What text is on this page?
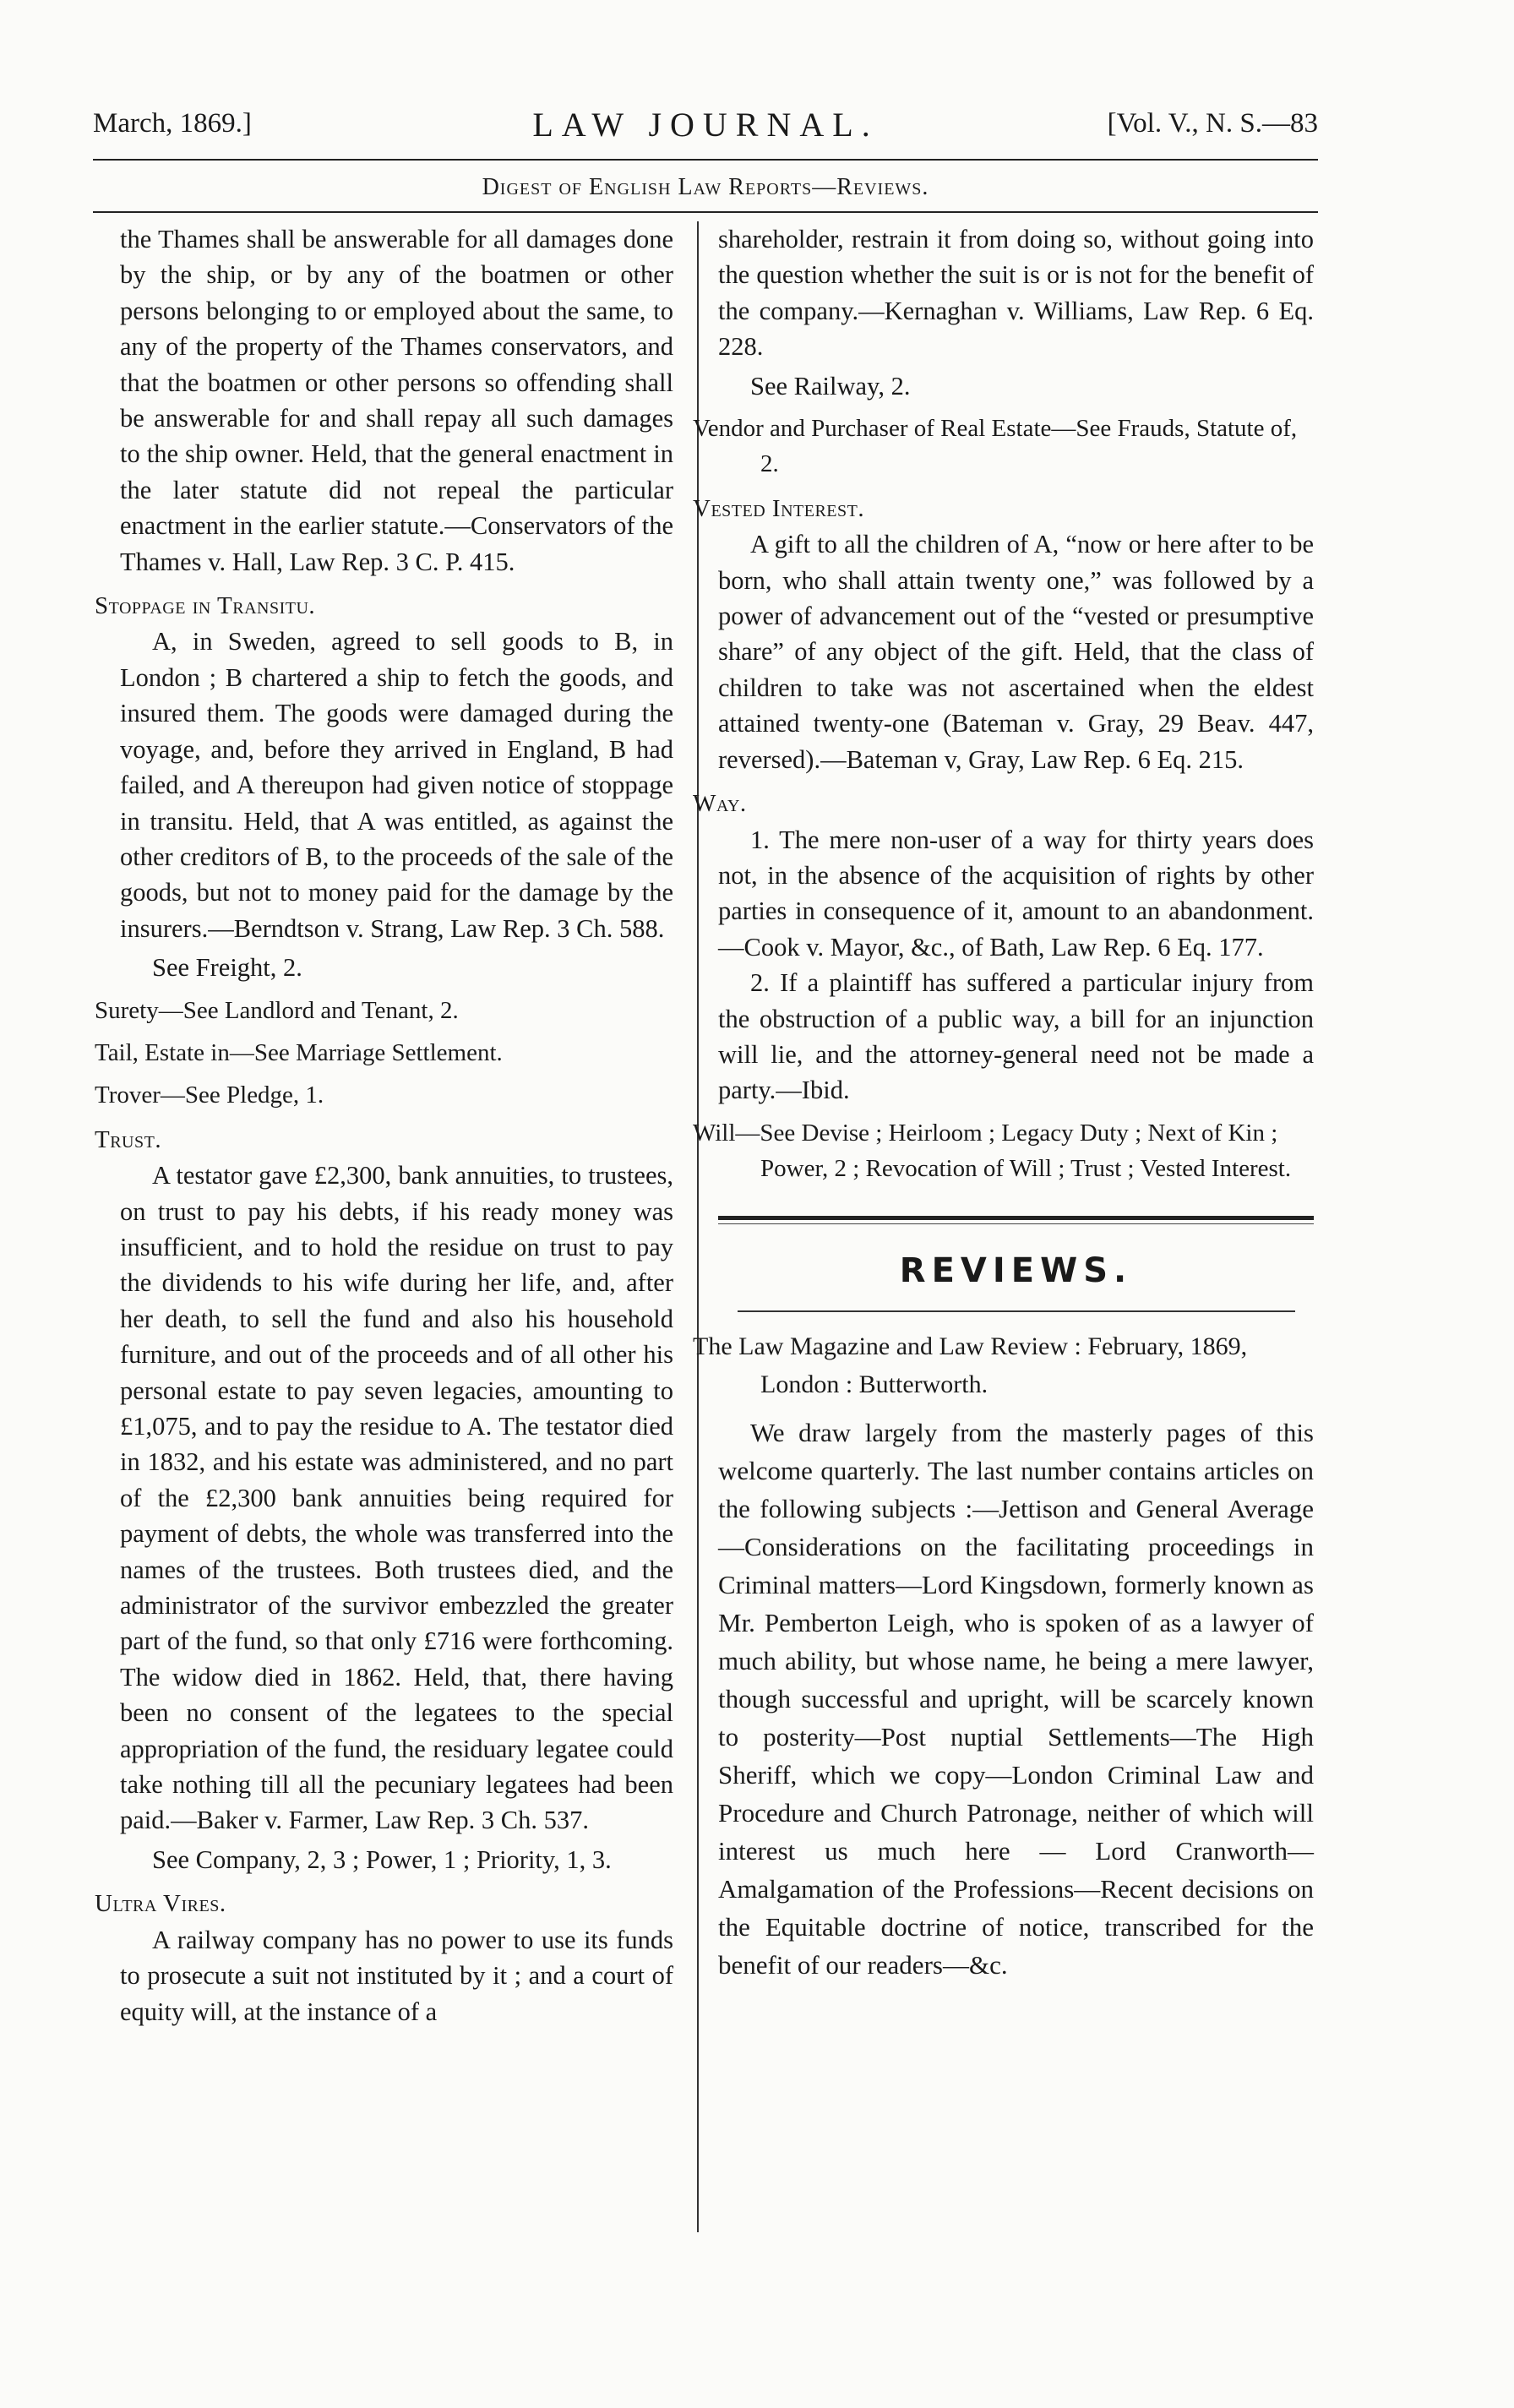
March, 1869.]	LAW JOURNAL.	[Vol. V., N. S.—83
Digest of English Law Reports—Reviews.

the Thames shall be answerable for all damages done by the ship, or by any of the boatmen or other persons belonging to or employed about the same, to any of the property of the Thames conservators, and that the boatmen or other persons so offending shall be answerable for and shall repay all such damages to the ship owner. Held, that the general enactment in the later statute did not repeal the particular enactment in the earlier statute.—Conservators of the Thames v. Hall, Law Rep. 3 C. P. 415.

Stoppage in Transitu.

A, in Sweden, agreed to sell goods to B, in London ; B chartered a ship to fetch the goods, and insured them. The goods were damaged during the voyage, and, before they arrived in England, B had failed, and A thereupon had given notice of stoppage in transitu. Held, that A was entitled, as against the other creditors of B, to the proceeds of the sale of the goods, but not to money paid for the damage by the insurers.—Berndtson v. Strang, Law Rep. 3 Ch. 588.

See Freight, 2.

Surety—See Landlord and Tenant, 2.

Tail, Estate in—See Marriage Settlement.

Trover—See Pledge, 1.

Trust.

A testator gave £2,300, bank annuities, to trustees, on trust to pay his debts, if his ready money was insufficient, and to hold the residue on trust to pay the dividends to his wife during her life, and, after her death, to sell the fund and also his household furniture, and out of the proceeds and of all other his personal estate to pay seven legacies, amounting to £1,075, and to pay the residue to A. The testator died in 1832, and his estate was administered, and no part of the £2,300 bank annuities being required for payment of debts, the whole was transferred into the names of the trustees. Both trustees died, and the administrator of the survivor embezzled the greater part of the fund, so that only £716 were forthcoming. The widow died in 1862. Held, that, there having been no consent of the legatees to the special appropriation of the fund, the residuary legatee could take nothing till all the pecuniary legatees had been paid.—Baker v. Farmer, Law Rep. 3 Ch. 537.

See Company, 2, 3 ; Power, 1 ; Priority, 1, 3.

Ultra Vires.

A railway company has no power to use its funds to prosecute a suit not instituted by it ; and a court of equity will, at the instance of a

shareholder, restrain it from doing so, without going into the question whether the suit is or is not for the benefit of the company.—Kernaghan v. Williams, Law Rep. 6 Eq. 228.

See Railway, 2.

Vendor and Purchaser of Real Estate—See Frauds, Statute of, 2.

Vested Interest.

A gift to all the children of A, “now or here after to be born, who shall attain twenty one,” was followed by a power of advancement out of the “vested or presumptive share” of any object of the gift. Held, that the class of children to take was not ascertained when the eldest attained twenty-one (Bateman v. Gray, 29 Beav. 447, reversed).—Bateman v, Gray, Law Rep. 6 Eq. 215.

Way.

1. The mere non-user of a way for thirty years does not, in the absence of the acquisition of rights by other parties in consequence of it, amount to an abandonment.—Cook v. Mayor, &c., of Bath, Law Rep. 6 Eq. 177.

2. If a plaintiff has suffered a particular injury from the obstruction of a public way, a bill for an injunction will lie, and the attorney-general need not be made a party.—Ibid.

Will—See Devise ; Heirloom ; Legacy Duty ; Next of Kin ; Power, 2 ; Revocation of Will ; Trust ; Vested Interest.

REVIEWS.

The Law Magazine and Law Review : February, 1869, London : Butterworth.

We draw largely from the masterly pages of this welcome quarterly. The last number contains articles on the following subjects :—Jettison and General Average—Considerations on the facilitating proceedings in Criminal matters—Lord Kingsdown, formerly known as Mr. Pemberton Leigh, who is spoken of as a lawyer of much ability, but whose name, he being a mere lawyer, though successful and upright, will be scarcely known to posterity—Post nuptial Settlements—The High Sheriff, which we copy—London Criminal Law and Procedure and Church Patronage, neither of which will interest us much here — Lord Cranworth—Amalgamation of the Professions—Recent decisions on the Equitable doctrine of notice, transcribed for the benefit of our readers—&c.
